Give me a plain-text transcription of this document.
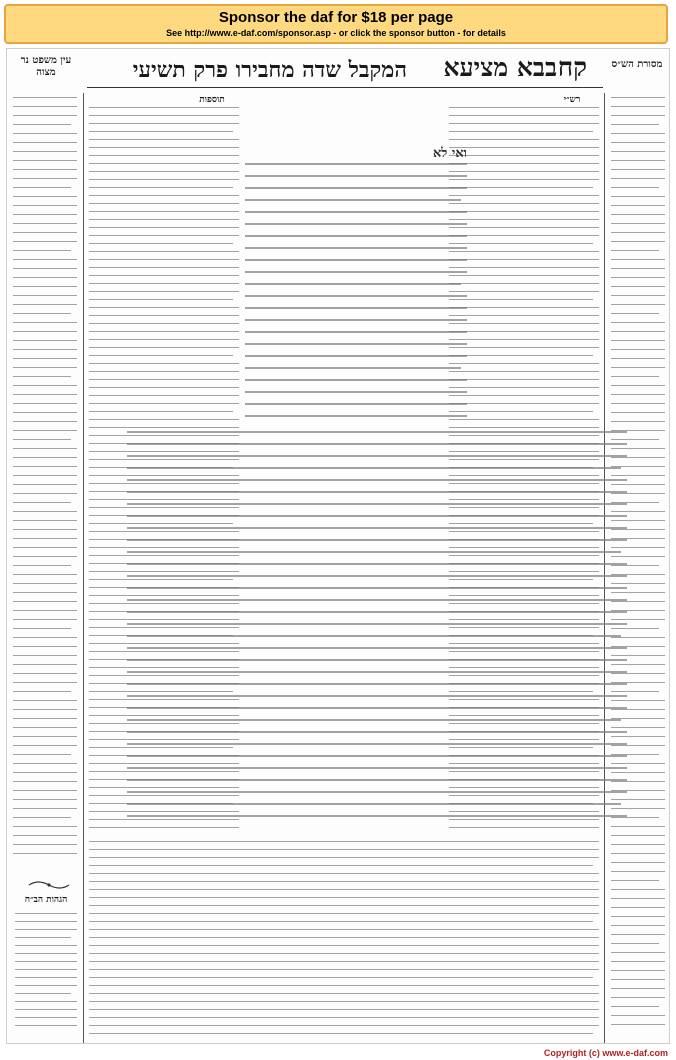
Sponsor the daf for $18 per page
See http://www.e-daf.com/sponsor.asp - or click the sponsor button - for details
עין משפט נר מצוה
מסורת הש״ס
קח
בבא מציעא
המקבל שדה מחבירו פרק תשיעי
ואי לא
תוספות	רש״י
הגהות הב״ח
Copyright (c) www.e-daf.com
